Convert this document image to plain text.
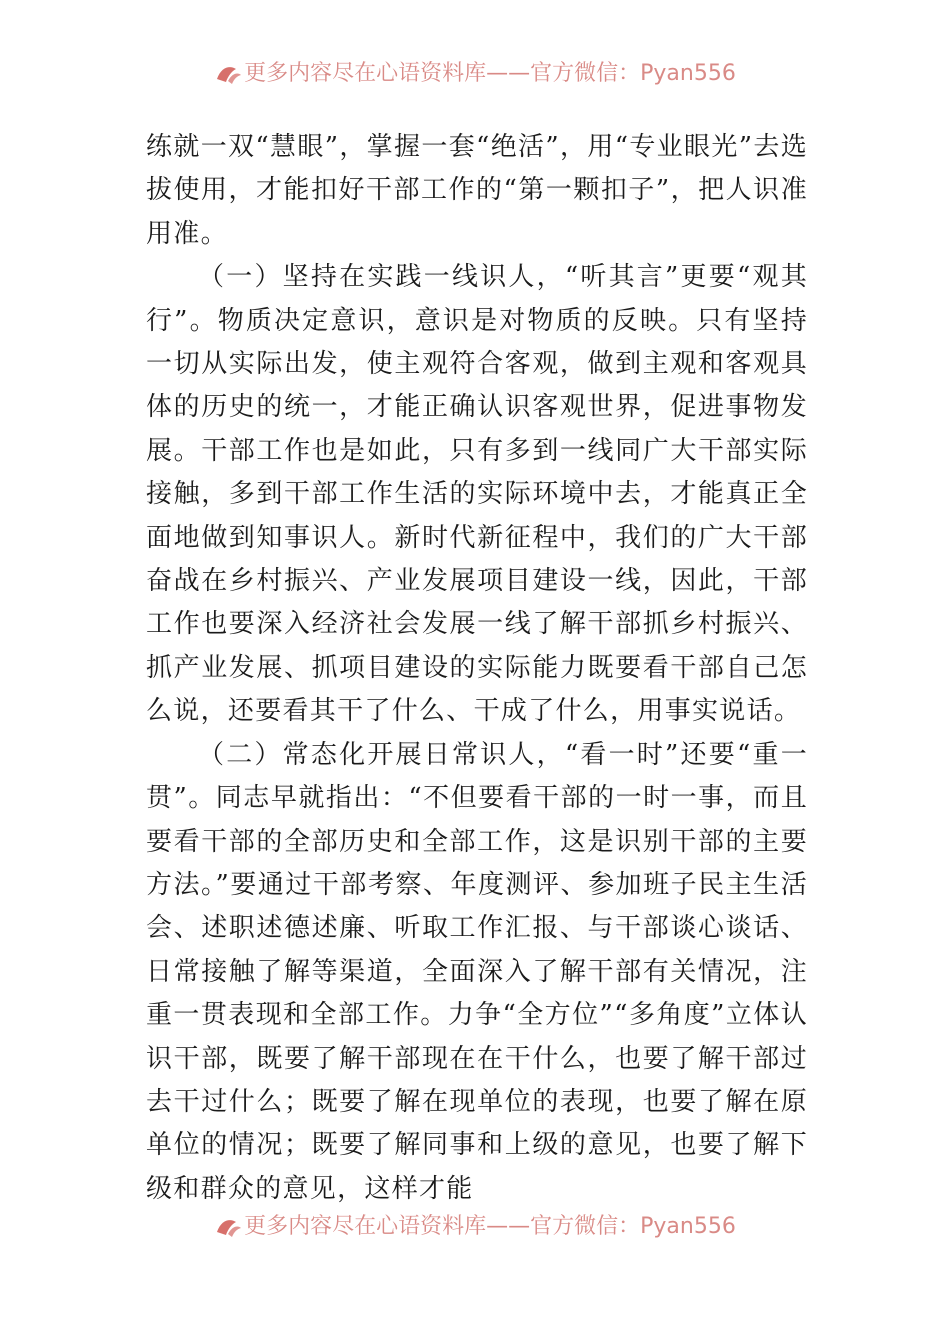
更多内容尽在心语资料库——官方微信：Pyan556

练就一双“慧眼”，掌握一套“绝活”，用“专业眼光”去选拔使用，才能扣好干部工作的“第一颗扣子”，把人识准用准。

（一）坚持在实践一线识人，“听其言”更要“观其行”。物质决定意识，意识是对物质的反映。只有坚持一切从实际出发，使主观符合客观，做到主观和客观具体的历史的统一，才能正确认识客观世界，促进事物发展。干部工作也是如此，只有多到一线同广大干部实际接触，多到干部工作生活的实际环境中去，才能真正全面地做到知事识人。新时代新征程中，我们的广大干部奋战在乡村振兴、产业发展项目建设一线，因此，干部工作也要深入经济社会发展一线了解干部抓乡村振兴、抓产业发展、抓项目建设的实际能力既要看干部自己怎么说，还要看其干了什么、干成了什么，用事实说话。

（二）常态化开展日常识人，“看一时”还要“重一贯”。同志早就指出：“不但要看干部的一时一事，而且要看干部的全部历史和全部工作，这是识别干部的主要方法。”要通过干部考察、年度测评、参加班子民主生活会、述职述德述廉、听取工作汇报、与干部谈心谈话、日常接触了解等渠道，全面深入了解干部有关情况，注重一贯表现和全部工作。力争“全方位”“多角度”立体认识干部，既要了解干部现在在干什么，也要了解干部过去干过什么；既要了解在现单位的表现，也要了解在原单位的情况；既要了解同事和上级的意见，也要了解下级和群众的意见，这样才能

更多内容尽在心语资料库——官方微信：Pyan556
